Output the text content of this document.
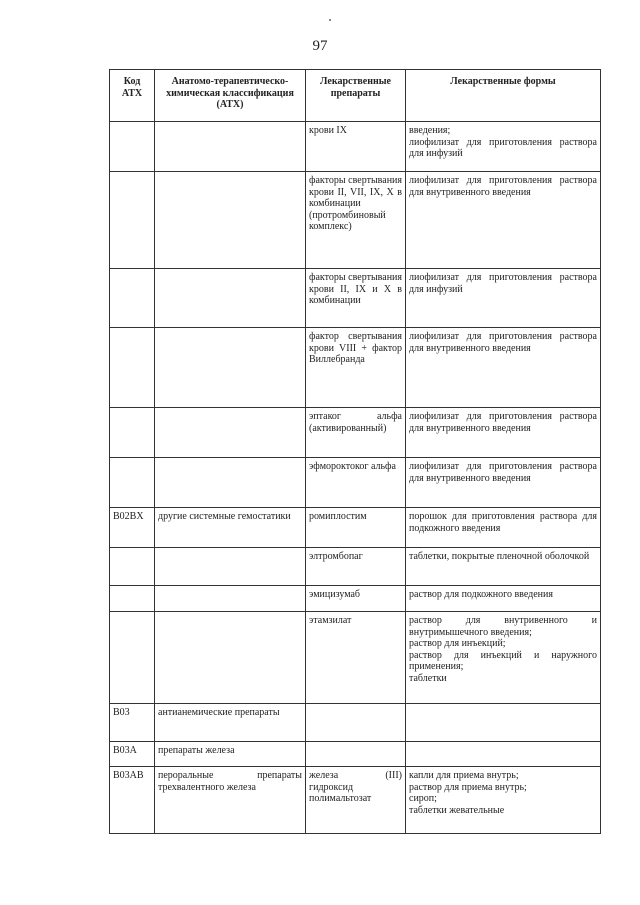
97
Код АТХ	Анатомо-терапевтическо-химическая классификация (АТХ)	Лекарственные препараты	Лекарственные формы
		крови IX	введения;
лиофилизат для приготовления раствора для инфузий

		факторы свертывания крови II, VII, IX, X в комбинации (протромбиновый комплекс)	лиофилизат для приготовления раствора для внутривенного введения

		факторы свертывания крови II, IX и X в комбинации	лиофилизат для приготовления раствора для инфузий

		фактор свертывания крови VIII + фактор Виллебранда	лиофилизат для приготовления раствора для внутривенного введения

		эптаког альфа (активированный)	лиофилизат для приготовления раствора для внутривенного введения

		эфмороктоког альфа	лиофилизат для приготовления раствора для внутривенного введения

B02BX	другие системные гемостатики	ромиплостим	порошок для приготовления раствора для подкожного введения

		элтромбопаг	таблетки, покрытые пленочной оболочкой

		эмицизумаб	раствор для подкожного введения

		этамзилат	раствор для внутривенного и внутримышечного введения;
раствор для инъекций;
раствор для инъекций и наружного применения;
таблетки

B03	антианемические препараты		
B03A	препараты железа		
B03AB	пероральные препараты трехвалентного железа	железа (III) гидроксид полимальтозат	капли для приема внутрь;
раствор для приема внутрь;
сироп;
таблетки жевательные
